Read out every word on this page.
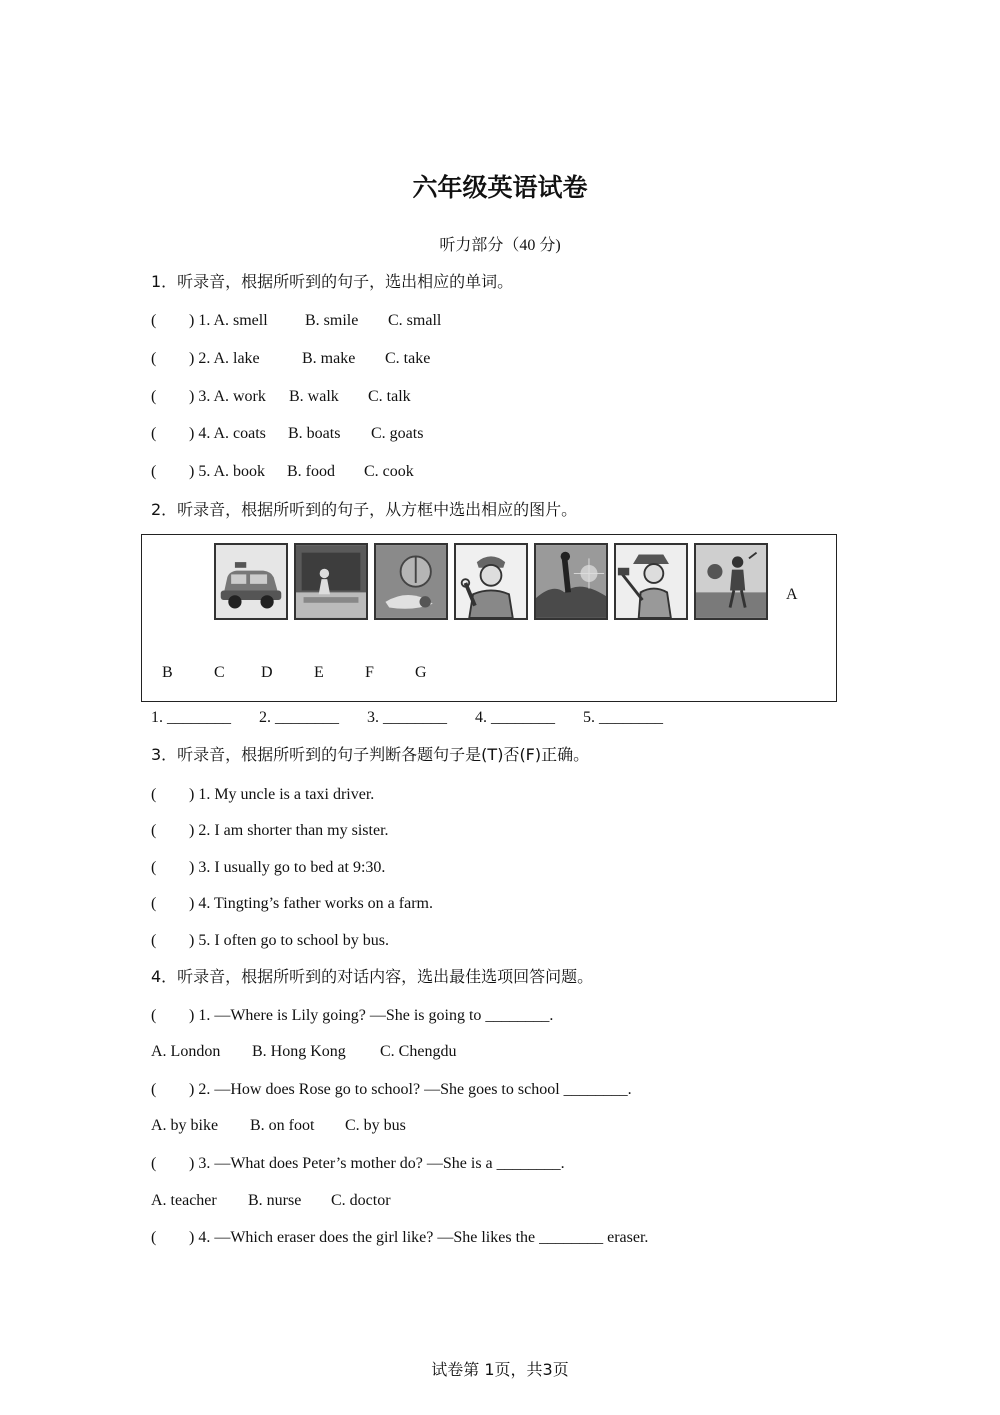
六年级英语试卷
听力部分（40 分)
1．听录音，根据所听到的句子，选出相应的单词。
( ) 1. A. smell B. smile C. small
( ) 2. A. lake	B. make C. take
( ) 3. A. work B. walk C. talk
( ) 4. A. coats B. boats C. goats
( ) 5. A. book B. food C. cook
2．听录音，根据所听到的句子，从方框中选出相应的图片。
A
B	C D	E	F	G
1. ________ 2. ________ 3. ________ 4. ________ 5. ________
3．听录音，根据所听到的句子判断各题句子是(T)否(F)正确。
( ) 1. My uncle is a taxi driver.
( ) 2. I am shorter than my sister.
( ) 3. I usually go to bed at 9:30.
( ) 4. Tingting’s father works on a farm.
( ) 5. I often go to school by bus.
4．听录音，根据所听到的对话内容，选出最佳选项回答问题。
( ) 1. —Where is Lily going? —She is going to ________.
A. London B. Hong Kong C. Chengdu
( ) 2. —How does Rose go to school? —She goes to school ________.
A. by bike B. on foot C. by bus
( ) 3. —What does Peter’s mother do? —She is a ________.
A. teacher B. nurse C. doctor
( ) 4. —Which eraser does the girl like? —She likes the ________ eraser.
试卷第 1页，共3页
